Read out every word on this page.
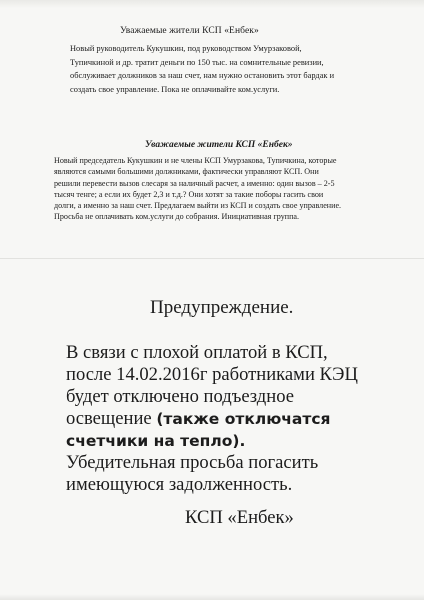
Уважаемые жители КСП «Енбек»

Новый руководитель Кукушкин, под руководством Умурзаковой,

Тупичкиной и др. тратит деньги по 150 тыс. на сомнительные ревизии,

обслуживает должников за наш счет, нам нужно остановить этот бардак и

создать свое управление. Пока не оплачивайте ком.услуги.

Уважаемые жители КСП «Енбек»

Новый председатель Кукушкин и не члены КСП Умурзакова, Тупичкина, которые

являются самыми большими должниками, фактически управляют КСП. Они

решили перевести вызов слесаря за наличный расчет, а именно: один вызов – 2-5

тысяч тенге; а если их будет 2,3 и т.д.? Они хотят за такие поборы гасить свои

долги, а именно за наш счет. Предлагаем выйти из КСП и создать свое управление.

Просьба не оплачивать ком.услуги до собрания. Инициативная группа.

Предупреждение.

В связи с плохой оплатой в КСП,

после 14.02.2016г работниками КЭЦ

будет отключено подъездное

освещение (также отключатся

счетчики на тепло).

Убедительная просьба погасить

имеющуюся задолженность.

КСП «Енбек»
